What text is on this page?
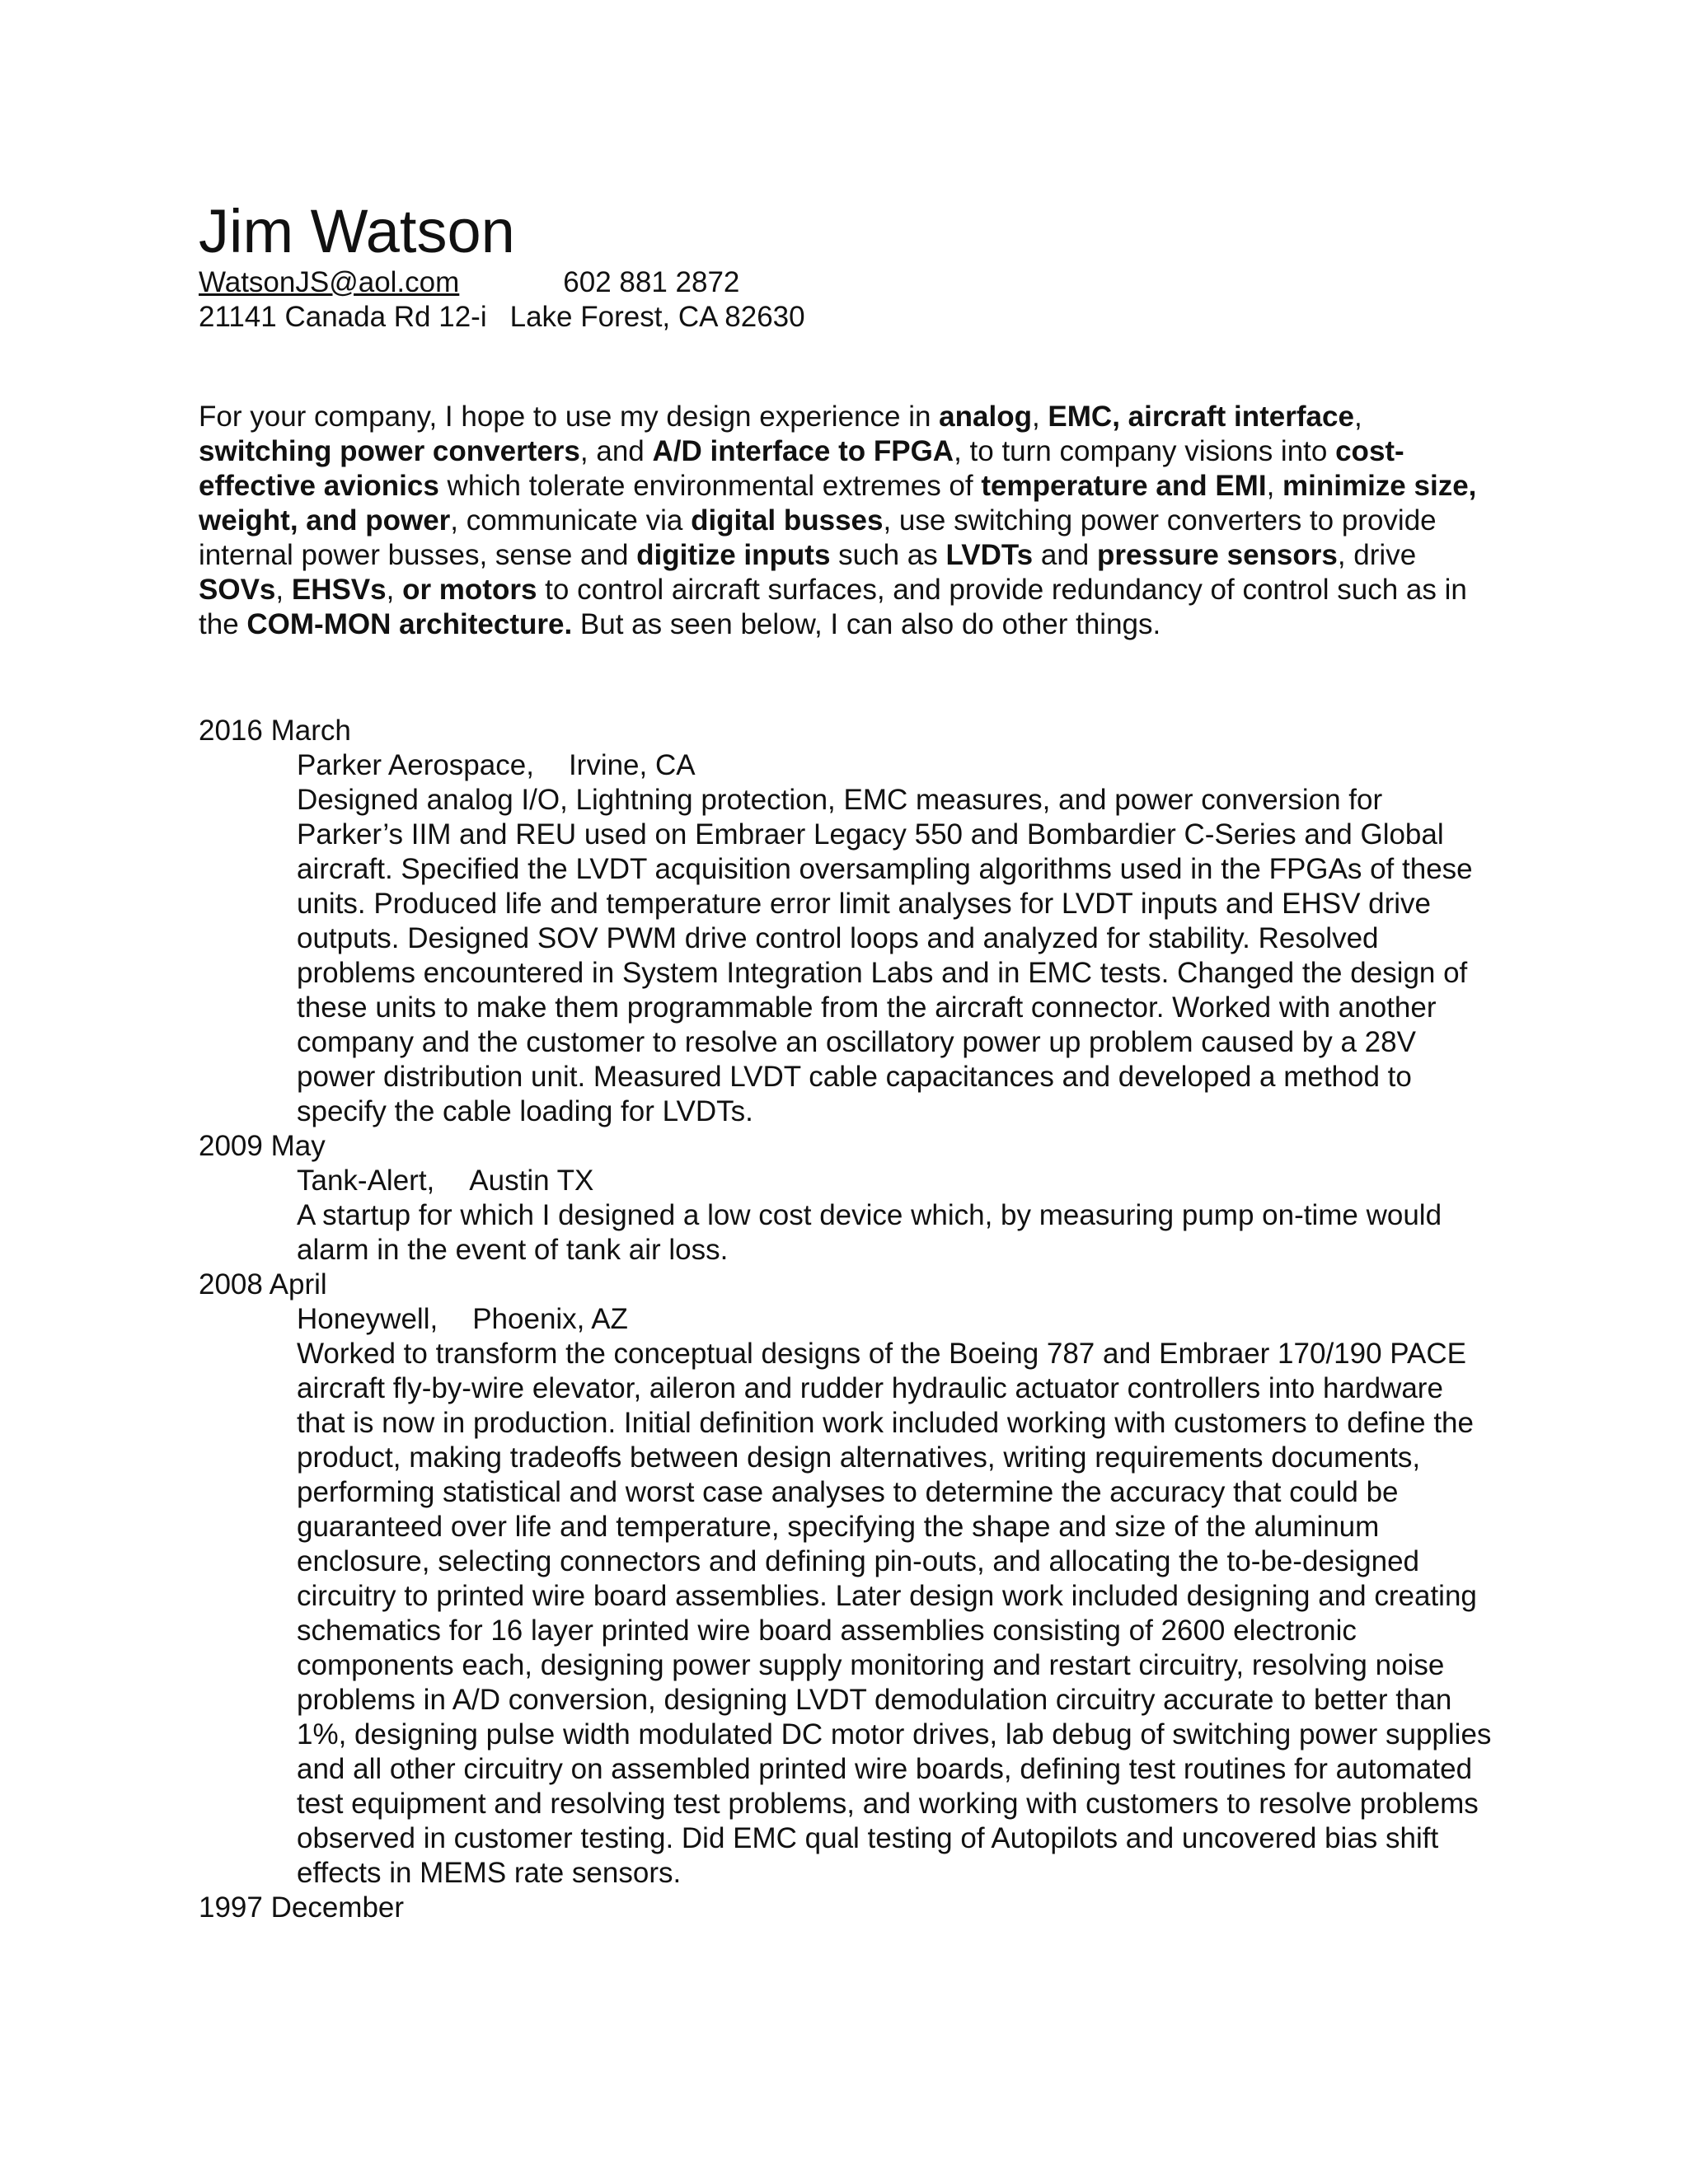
Jim Watson
WatsonJS@aol.com	602 881 2872
21141 Canada Rd 12-i Lake Forest, CA 82630
For your company, I hope to use my design experience in analog, EMC, aircraft interface, switching power converters, and A/D interface to FPGA, to turn company visions into cost-effective avionics which tolerate environmental extremes of temperature and EMI, minimize size, weight, and power, communicate via digital busses, use switching power converters to provide internal power busses, sense and digitize inputs such as LVDTs and pressure sensors, drive SOVs, EHSVs, or motors to control aircraft surfaces, and provide redundancy of control such as in the COM-MON architecture. But as seen below, I can also do other things.
2016 March
Parker Aerospace, Irvine, CA
Designed analog I/O, Lightning protection, EMC measures, and power conversion for Parker’s IIM and REU used on Embraer Legacy 550 and Bombardier C-Series and Global aircraft. Specified the LVDT acquisition oversampling algorithms used in the FPGAs of these units. Produced life and temperature error limit analyses for LVDT inputs and EHSV drive outputs. Designed SOV PWM drive control loops and analyzed for stability. Resolved problems encountered in System Integration Labs and in EMC tests. Changed the design of these units to make them programmable from the aircraft connector. Worked with another company and the customer to resolve an oscillatory power up problem caused by a 28V power distribution unit. Measured LVDT cable capacitances and developed a method to specify the cable loading for LVDTs.
2009 May
Tank-Alert, Austin TX
A startup for which I designed a low cost device which, by measuring pump on-time would alarm in the event of tank air loss.
2008 April
Honeywell, Phoenix, AZ
Worked to transform the conceptual designs of the Boeing 787 and Embraer 170/190 PACE aircraft fly-by-wire elevator, aileron and rudder hydraulic actuator controllers into hardware that is now in production. Initial definition work included working with customers to define the product, making tradeoffs between design alternatives, writing requirements documents, performing statistical and worst case analyses to determine the accuracy that could be guaranteed over life and temperature, specifying the shape and size of the aluminum enclosure, selecting connectors and defining pin-outs, and allocating the to-be-designed circuitry to printed wire board assemblies. Later design work included designing and creating schematics for 16 layer printed wire board assemblies consisting of 2600 electronic components each, designing power supply monitoring and restart circuitry, resolving noise problems in A/D conversion, designing LVDT demodulation circuitry accurate to better than 1%, designing pulse width modulated DC motor drives, lab debug of switching power supplies and all other circuitry on assembled printed wire boards, defining test routines for automated test equipment and resolving test problems, and working with customers to resolve problems observed in customer testing. Did EMC qual testing of Autopilots and uncovered bias shift effects in MEMS rate sensors.
1997 December
